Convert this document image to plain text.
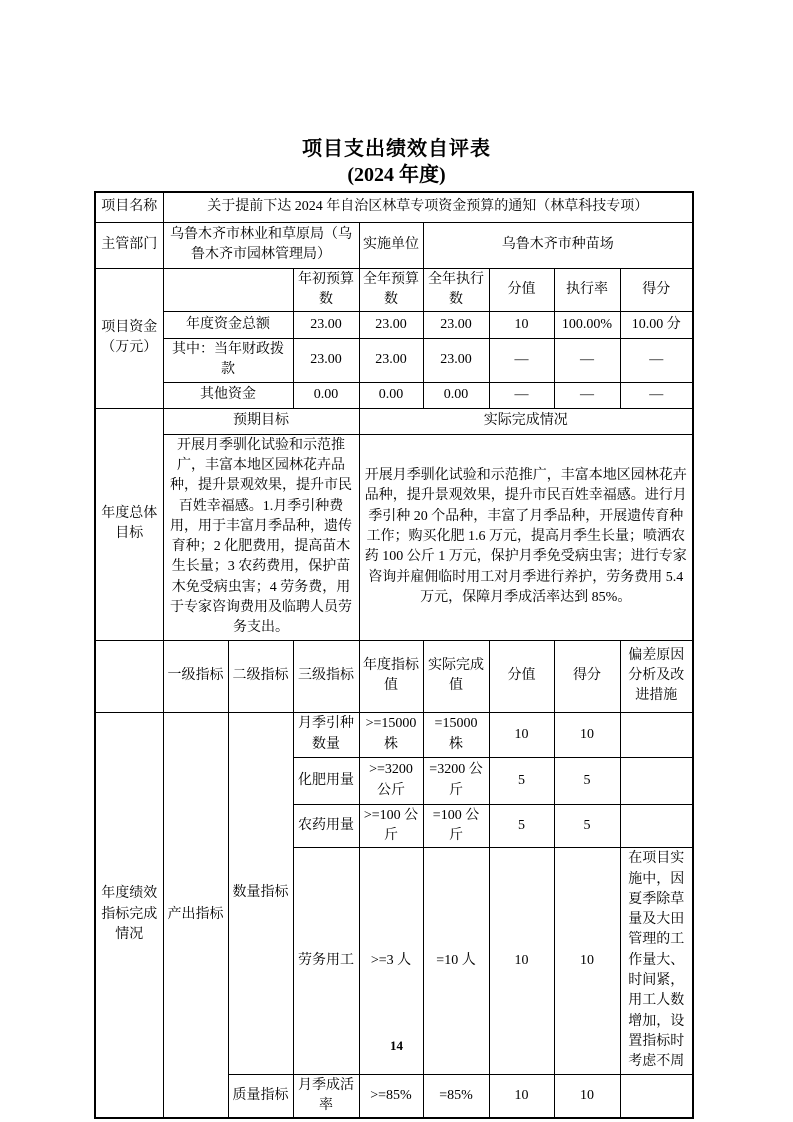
项目支出绩效自评表
(2024 年度)
项目名称	关于提前下达 2024 年自治区林草专项资金预算的通知（林草科技专项）							
主管部门	乌鲁木齐市林业和草原局（乌鲁木齐市园林管理局）			实施单位	乌鲁木齐市种苗场			
项目资金（万元）			年初预算数	全年预算数	全年执行数	分值	执行率	得分
	年度资金总额		23.00	23.00	23.00	10	100.00%	10.00 分
	其中：当年财政拨款		23.00	23.00	23.00	—	—	—
	其他资金		0.00	0.00	0.00	—	—	—
年度总体目标	预期目标			实际完成情况				
	开展月季驯化试验和示范推广，丰富本地区园林花卉品种，提升景观效果，提升市民百姓幸福感。1.月季引种费用，用于丰富月季品种，遗传育种；2 化肥费用，提高苗木生长量；3 农药费用，保护苗木免受病虫害；4 劳务费，用于专家咨询费用及临聘人员劳务支出。			开展月季驯化试验和示范推广，丰富本地区园林花卉品种，提升景观效果，提升市民百姓幸福感。进行月季引种 20 个品种，丰富了月季品种，开展遗传育种工作；购买化肥 1.6 万元，提高月季生长量；喷洒农药 100 公斤 1 万元，保护月季免受病虫害；进行专家咨询并雇佣临时用工对月季进行养护，劳务费用 5.4 万元，保障月季成活率达到 85%。				
	一级指标	二级指标	三级指标	年度指标值	实际完成值	分值	得分	偏差原因分析及改进措施
年度绩效指标完成情况	产出指标	数量指标	月季引种数量	>=15000 株	=15000 株	10	10	
			化肥用量	>=3200 公斤	=3200 公斤	5	5	
			农药用量	>=100 公斤	=100 公斤	5	5	
			劳务用工	>=3 人	=10 人	10	10	在项目实施中，因夏季除草量及大田管理的工作量大、时间紧，用工人数增加，设置指标时考虑不周
		质量指标	月季成活率	>=85%	=85%	10	10	
14
